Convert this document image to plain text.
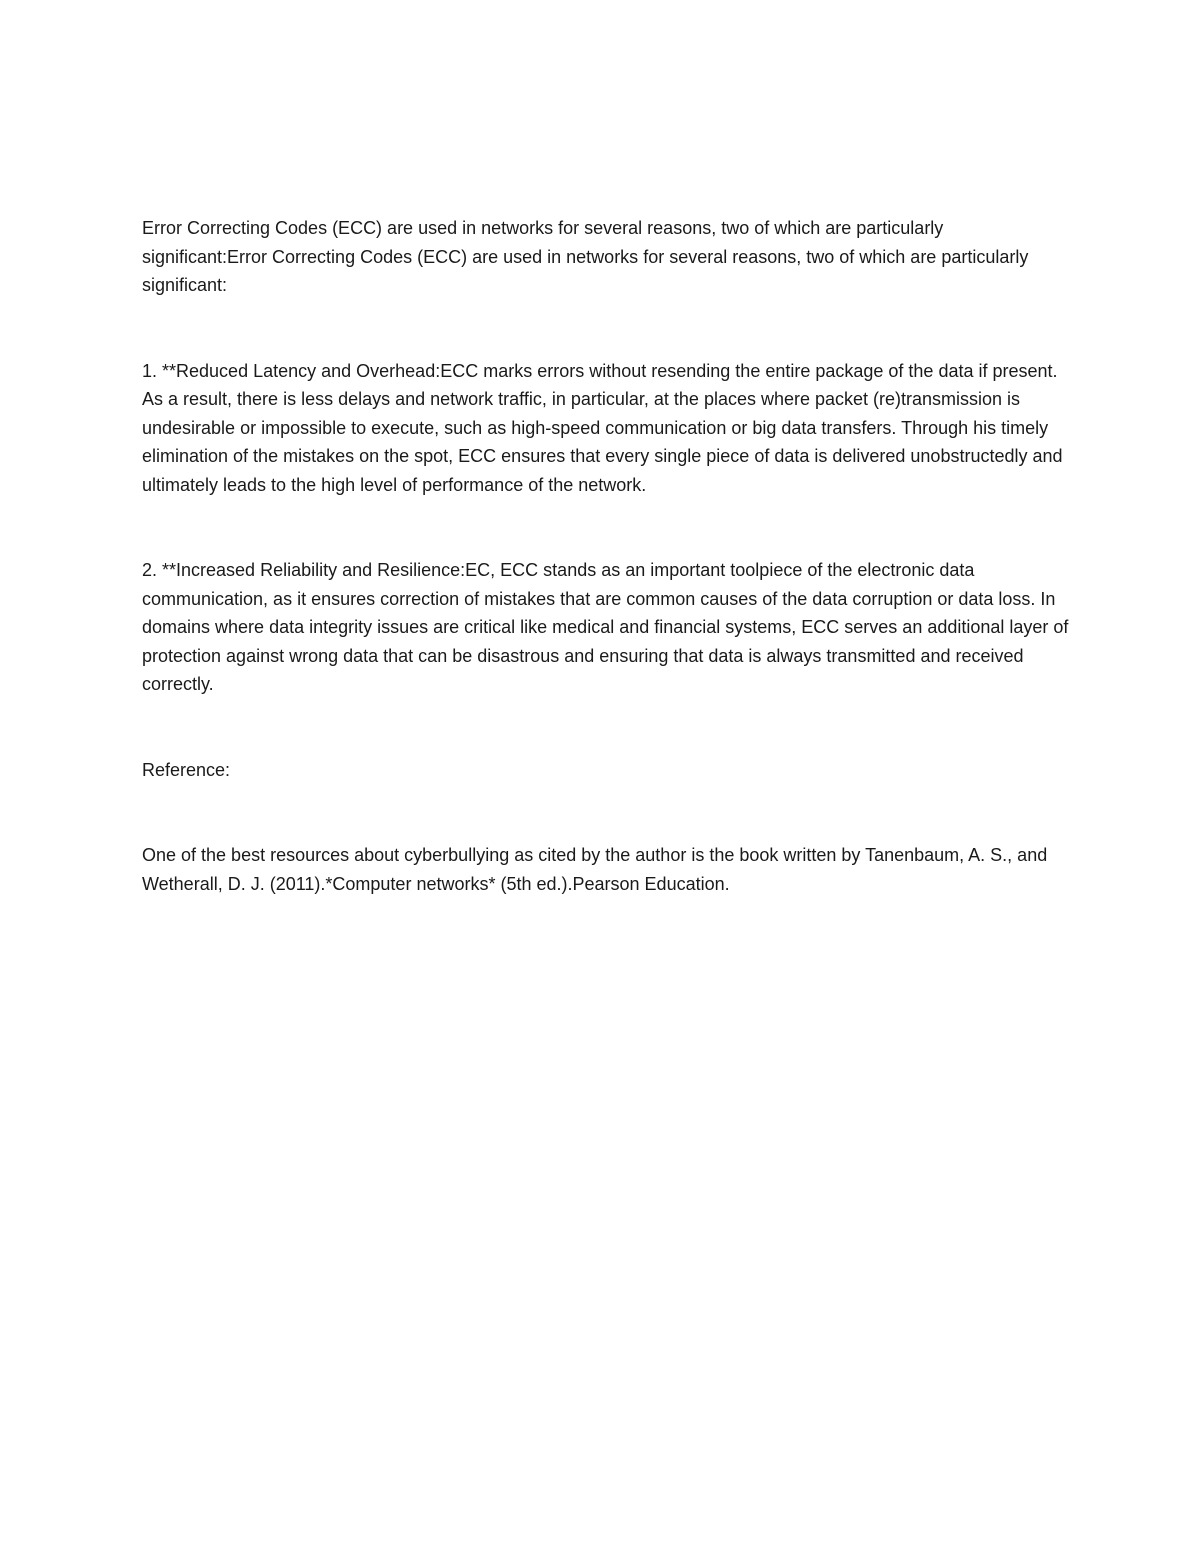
Error Correcting Codes (ECC) are used in networks for several reasons, two of which are particularly significant:Error Correcting Codes (ECC) are used in networks for several reasons, two of which are particularly significant:

1. **Reduced Latency and Overhead:ECC marks errors without resending the entire package of the data if present. As a result, there is less delays and network traffic, in particular, at the places where packet (re)transmission is undesirable or impossible to execute, such as high-speed communication or big data transfers. Through his timely elimination of the mistakes on the spot, ECC ensures that every single piece of data is delivered unobstructedly and ultimately leads to the high level of performance of the network.

2. **Increased Reliability and Resilience:EC, ECC stands as an important toolpiece of the electronic data communication, as it ensures correction of mistakes that are common causes of the data corruption or data loss. In domains where data integrity issues are critical like medical and financial systems, ECC serves an additional layer of protection against wrong data that can be disastrous and ensuring that data is always transmitted and received correctly.

Reference:

One of the best resources about cyberbullying as cited by the author is the book written by Tanenbaum, A. S., and Wetherall, D. J. (2011).*Computer networks* (5th ed.).Pearson Education.
